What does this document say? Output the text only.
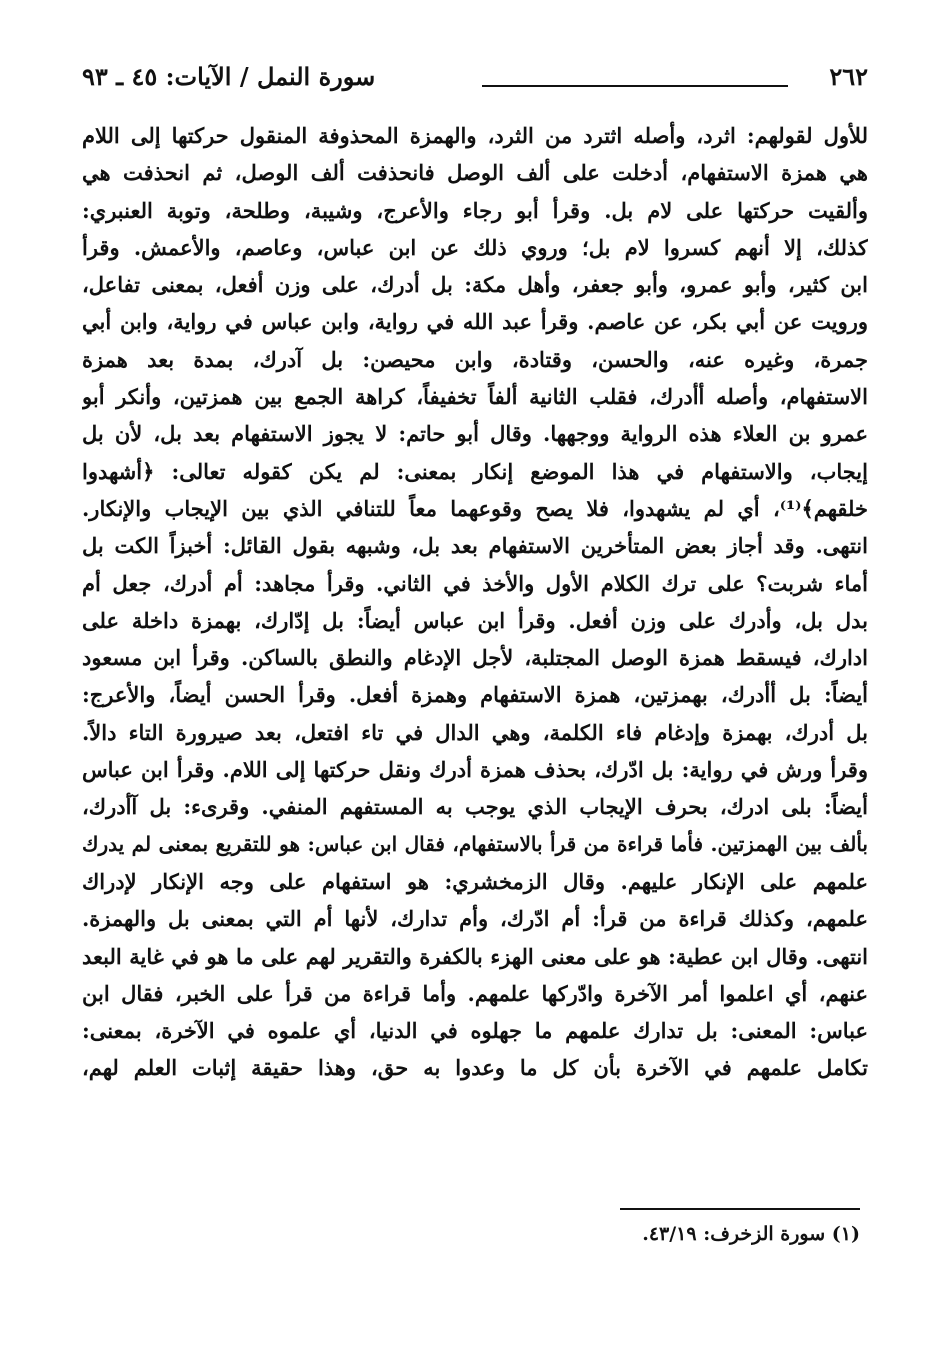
٢٦٢
سورة النمل / الآيات: ٤٥ ـ ٩٣
للأول لقولهم: اثرد، وأصله اثترد من الثرد، والهمزة المحذوفة المنقول حركتها إلى اللام
هي همزة الاستفهام، أدخلت على ألف الوصل فانحذفت ألف الوصل، ثم انحذفت هي
وألقيت حركتها على لام بل. وقرأ أبو رجاء والأعرج، وشيبة، وطلحة، وتوبة العنبري:
كذلك، إلا أنهم كسروا لام بل؛ وروي ذلك عن ابن عباس، وعاصم، والأعمش. وقرأ
ابن كثير، وأبو عمرو، وأبو جعفر، وأهل مكة: بل أدرك، على وزن أفعل، بمعنى تفاعل،
ورويت عن أبي بكر، عن عاصم. وقرأ عبد الله في رواية، وابن عباس في رواية، وابن أبي
جمرة، وغيره عنه، والحسن، وقتادة، وابن محيصن: بل آدرك، بمدة بعد همزة
الاستفهام، وأصله أأدرك، فقلب الثانية ألفاً تخفيفاً، كراهة الجمع بين همزتين، وأنكر أبو
عمرو بن العلاء هذه الرواية ووجهها. وقال أبو حاتم: لا يجوز الاستفهام بعد بل، لأن بل
إيجاب، والاستفهام في هذا الموضع إنكار بمعنى: لم يكن كقوله تعالى: ﴿أشهدوا
خلقهم﴾⁽¹⁾، أي لم يشهدوا، فلا يصح وقوعهما معاً للتنافي الذي بين الإيجاب والإنكار.
انتهى. وقد أجاز بعض المتأخرين الاستفهام بعد بل، وشبهه بقول القائل: أخبزاً الكت بل
أماء شربت؟ على ترك الكلام الأول والأخذ في الثاني. وقرأ مجاهد: أم أدرك، جعل أم
بدل بل، وأدرك على وزن أفعل. وقرأ ابن عباس أيضاً: بل إدّارك، بهمزة داخلة على
ادارك، فيسقط همزة الوصل المجتلبة، لأجل الإدغام والنطق بالساكن. وقرأ ابن مسعود
أيضاً: بل أأدرك، بهمزتين، همزة الاستفهام وهمزة أفعل. وقرأ الحسن أيضاً، والأعرج:
بل أدرك، بهمزة وإدغام فاء الكلمة، وهي الدال في تاء افتعل، بعد صيرورة التاء دالاً.
وقرأ ورش في رواية: بل ادّرك، بحذف همزة أدرك ونقل حركتها إلى اللام. وقرأ ابن عباس
أيضاً: بلى ادرك، بحرف الإيجاب الذي يوجب به المستفهم المنفي. وقرىء: بل آأدرك،
بألف بين الهمزتين. فأما قراءة من قرأ بالاستفهام، فقال ابن عباس: هو للتقريع بمعنى لم يدرك
علمهم على الإنكار عليهم. وقال الزمخشري: هو استفهام على وجه الإنكار لإدراك
علمهم، وكذلك قراءة من قرأ: أم ادّرك، وأم تدارك، لأنها أم التي بمعنى بل والهمزة.
انتهى. وقال ابن عطية: هو على معنى الهزء بالكفرة والتقرير لهم على ما هو في غاية البعد
عنهم، أي اعلموا أمر الآخرة وادّركها علمهم. وأما قراءة من قرأ على الخبر، فقال ابن
عباس: المعنى: بل تدارك علمهم ما جهلوه في الدنيا، أي علموه في الآخرة، بمعنى:
تكامل علمهم في الآخرة بأن كل ما وعدوا به حق، وهذا حقيقة إثبات العلم لهم،
(١) سورة الزخرف: ٤٣/١٩.
